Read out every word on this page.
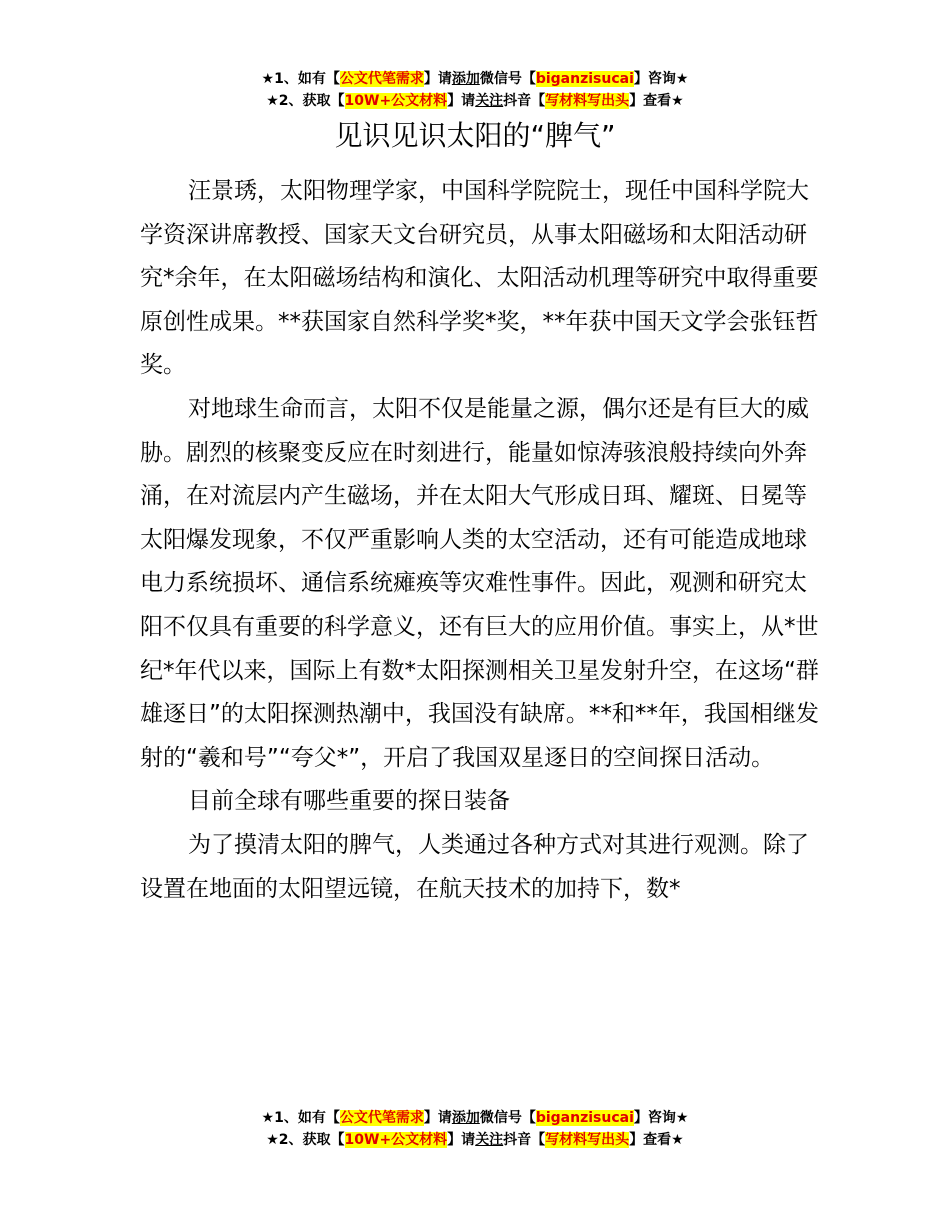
★1、如有【公文代笔需求】请添加微信号【biganzisucai】咨询★
★2、获取【10W+公文材料】请关注抖音【写材料写出头】查看★
见识见识太阳的“脾气”

汪景琇，太阳物理学家，中国科学院院士，现任中国科学院大学资深讲席教授、国家天文台研究员，从事太阳磁场和太阳活动研究*余年，在太阳磁场结构和演化、太阳活动机理等研究中取得重要原创性成果。**获国家自然科学奖*奖，**年获中国天文学会张钰哲奖。

对地球生命而言，太阳不仅是能量之源，偶尔还是有巨大的威胁。剧烈的核聚变反应在时刻进行，能量如惊涛骇浪般持续向外奔涌，在对流层内产生磁场，并在太阳大气形成日珥、耀斑、日冕等太阳爆发现象，不仅严重影响人类的太空活动，还有可能造成地球电力系统损坏、通信系统瘫痪等灾难性事件。因此，观测和研究太阳不仅具有重要的科学意义，还有巨大的应用价值。事实上，从*世纪*年代以来，国际上有数*太阳探测相关卫星发射升空，在这场“群雄逐日”的太阳探测热潮中，我国没有缺席。**和**年，我国相继发射的“羲和号”“夸父*”，开启了我国双星逐日的空间探日活动。

目前全球有哪些重要的探日装备

为了摸清太阳的脾气，人类通过各种方式对其进行观测。除了设置在地面的太阳望远镜，在航天技术的加持下，数*

★1、如有【公文代笔需求】请添加微信号【biganzisucai】咨询★
★2、获取【10W+公文材料】请关注抖音【写材料写出头】查看★
